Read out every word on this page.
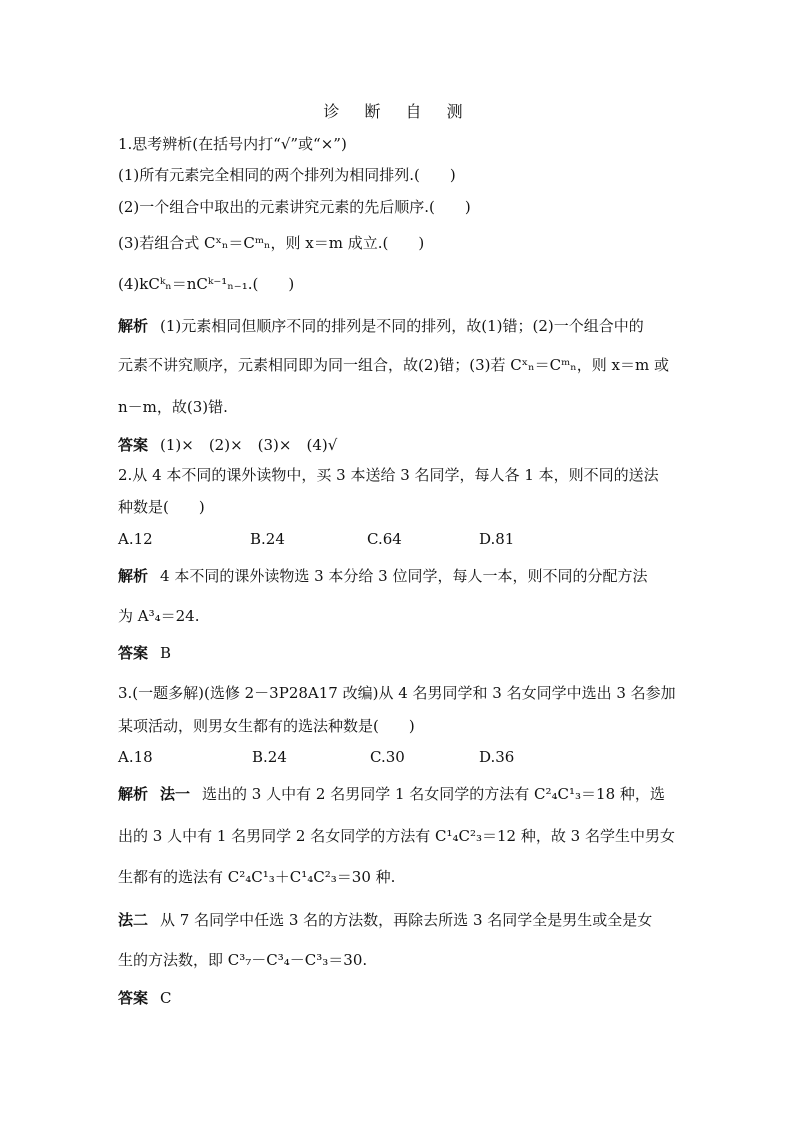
诊 断 自 测
1.思考辨析(在括号内打“√”或“×”)
(1)所有元素完全相同的两个排列为相同排列.(　　)
(2)一个组合中取出的元素讲究元素的先后顺序.(　　)
(3)若组合式 Cˣₙ＝Cᵐₙ，则 x＝m 成立.(　　)
(4)kCᵏₙ＝nCᵏ⁻¹ₙ₋₁.(　　)
解析 (1)元素相同但顺序不同的排列是不同的排列，故(1)错；(2)一个组合中的
元素不讲究顺序，元素相同即为同一组合，故(2)错；(3)若 Cˣₙ＝Cᵐₙ，则 x＝m 或
n－m，故(3)错.
答案 (1)×　(2)×　(3)×　(4)√
2.从 4 本不同的课外读物中，买 3 本送给 3 名同学，每人各 1 本，则不同的送法
种数是(　　)
A.12	B.24	C.64	D.81
解析 4 本不同的课外读物选 3 本分给 3 位同学，每人一本，则不同的分配方法
为 A³₄＝24.
答案 B
3.(一题多解)(选修 2－3P28A17 改编)从 4 名男同学和 3 名女同学中选出 3 名参加
某项活动，则男女生都有的选法种数是(　　)
A.18	B.24	C.30	D.36
解析 法一 选出的 3 人中有 2 名男同学 1 名女同学的方法有 C²₄C¹₃＝18 种，选
出的 3 人中有 1 名男同学 2 名女同学的方法有 C¹₄C²₃＝12 种，故 3 名学生中男女
生都有的选法有 C²₄C¹₃＋C¹₄C²₃＝30 种.
法二 从 7 名同学中任选 3 名的方法数，再除去所选 3 名同学全是男生或全是女
生的方法数，即 C³₇－C³₄－C³₃＝30.
答案 C
